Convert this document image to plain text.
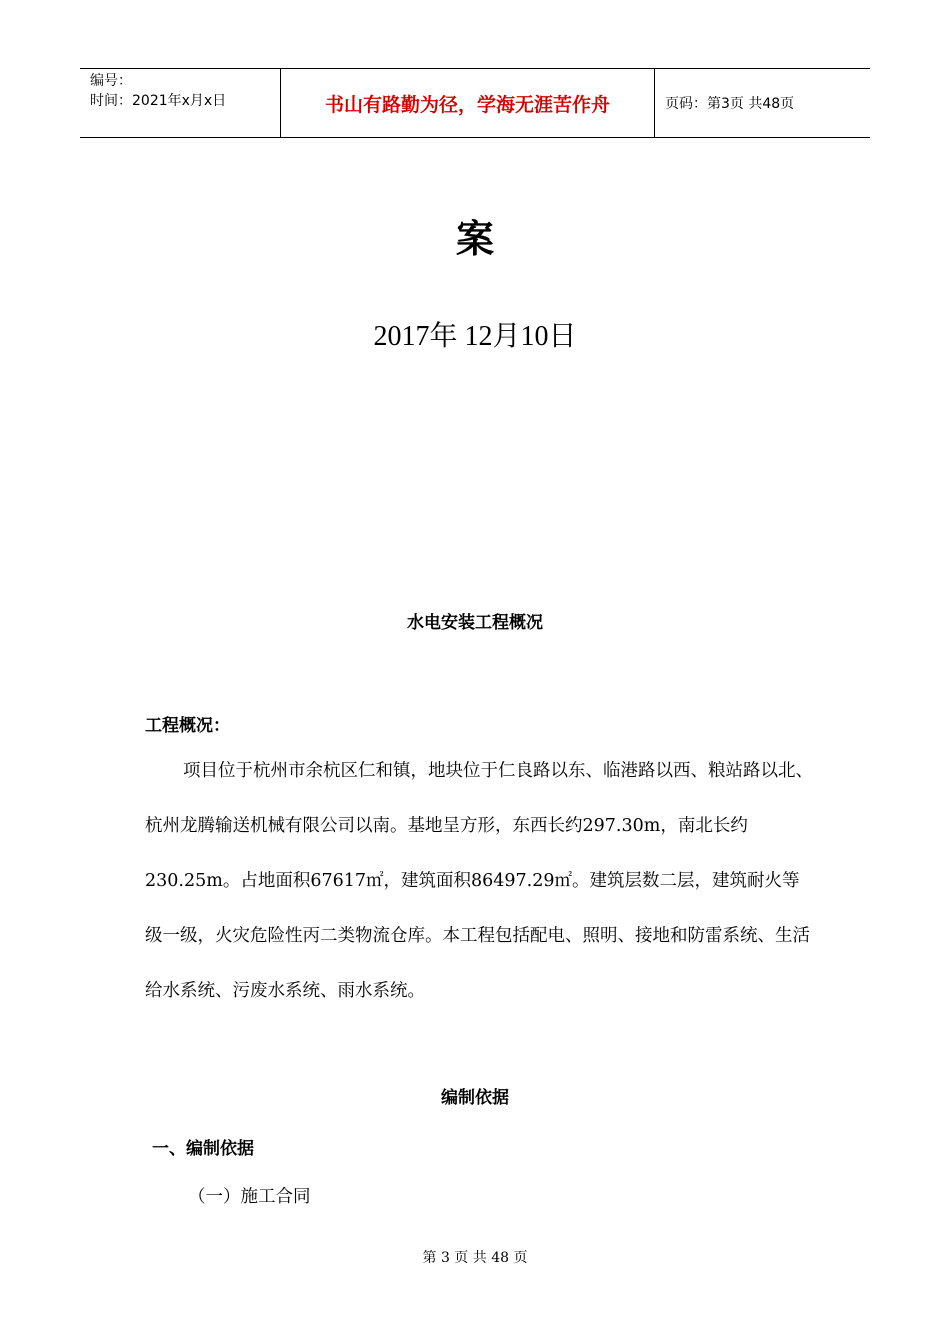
编号：
时间：2021年x月x日	书山有路勤为径，学海无涯苦作舟	页码：第3页 共48页
案
2017年 12月10日
水电安装工程概况
工程概况：

项目位于杭州市余杭区仁和镇，地块位于仁良路以东、临港路以西、粮站路以北、杭州龙腾输送机械有限公司以南。基地呈方形，东西长约297.30m，南北长约230.25m。占地面积67617㎡，建筑面积86497.29㎡。建筑层数二层，建筑耐火等级一级，火灾危险性丙二类物流仓库。本工程包括配电、照明、接地和防雷系统、生活给水系统、污废水系统、雨水系统。

编制依据
一、编制依据
（一）施工合同
第 3 页 共 48 页
